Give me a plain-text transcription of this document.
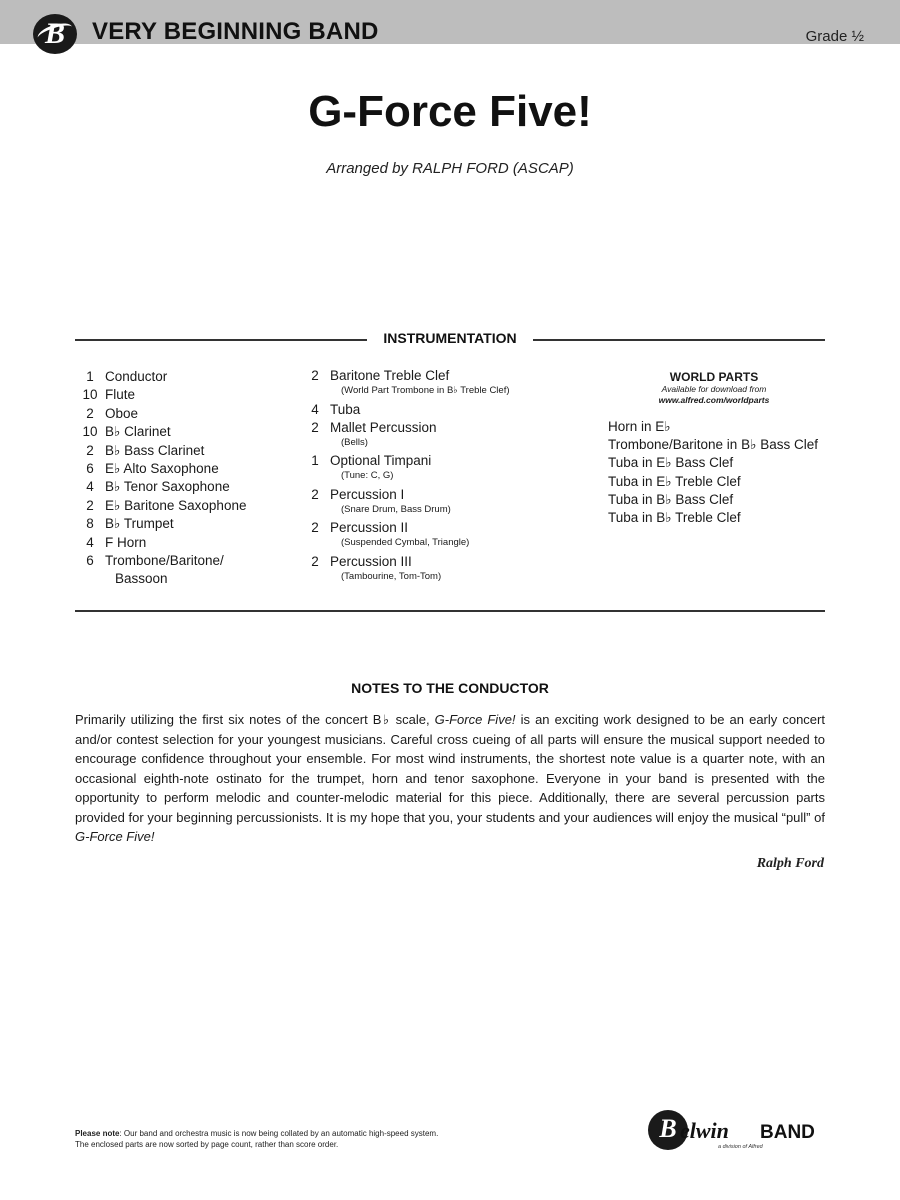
B	VERY BEGINNING BAND	Grade ½
G-Force Five!
Arranged by RALPH FORD (ASCAP)
INSTRUMENTATION
1 Conductor
10 Flute
2 Oboe
10 B♭ Clarinet
2 B♭ Bass Clarinet
6 E♭ Alto Saxophone
4 B♭ Tenor Saxophone
2 E♭ Baritone Saxophone
8 B♭ Trumpet
4 F Horn
6 Trombone/Baritone/
Bassoon
2 Baritone Treble Clef
(World Part Trombone in B♭ Treble Clef)
4 Tuba
2 Mallet Percussion
(Bells)
1 Optional Timpani
(Tune: C, G)
2 Percussion I
(Snare Drum, Bass Drum)
2 Percussion II
(Suspended Cymbal, Triangle)
2 Percussion III
(Tambourine, Tom-Tom)
WORLD PARTS
Available for download from
www.alfred.com/worldparts
Horn in E♭
Trombone/Baritone in B♭ Bass Clef
Tuba in E♭ Bass Clef
Tuba in E♭ Treble Clef
Tuba in B♭ Bass Clef
Tuba in B♭ Treble Clef
NOTES TO THE CONDUCTOR
Primarily utilizing the first six notes of the concert B♭ scale, G-Force Five! is an exciting work designed to be an early concert and/or contest selection for your youngest musicians. Careful cross cueing of all parts will ensure the musical support needed to encourage confidence throughout your ensemble. For most wind instruments, the shortest note value is a quarter note, with an occasional eighth-note ostinato for the trumpet, horn and tenor saxophone. Everyone in your band is presented with the opportunity to perform melodic and counter-melodic material for this piece. Additionally, there are several percussion parts provided for your beginning percussionists. It is my hope that you, your students and your audiences will enjoy the musical “pull” of G-Force Five!
Ralph Ford
Please note: Our band and orchestra music is now being collated by an automatic high-speed system.
The enclosed parts are now sorted by page count, rather than score order.
B elwin BAND
a division of Alfred
